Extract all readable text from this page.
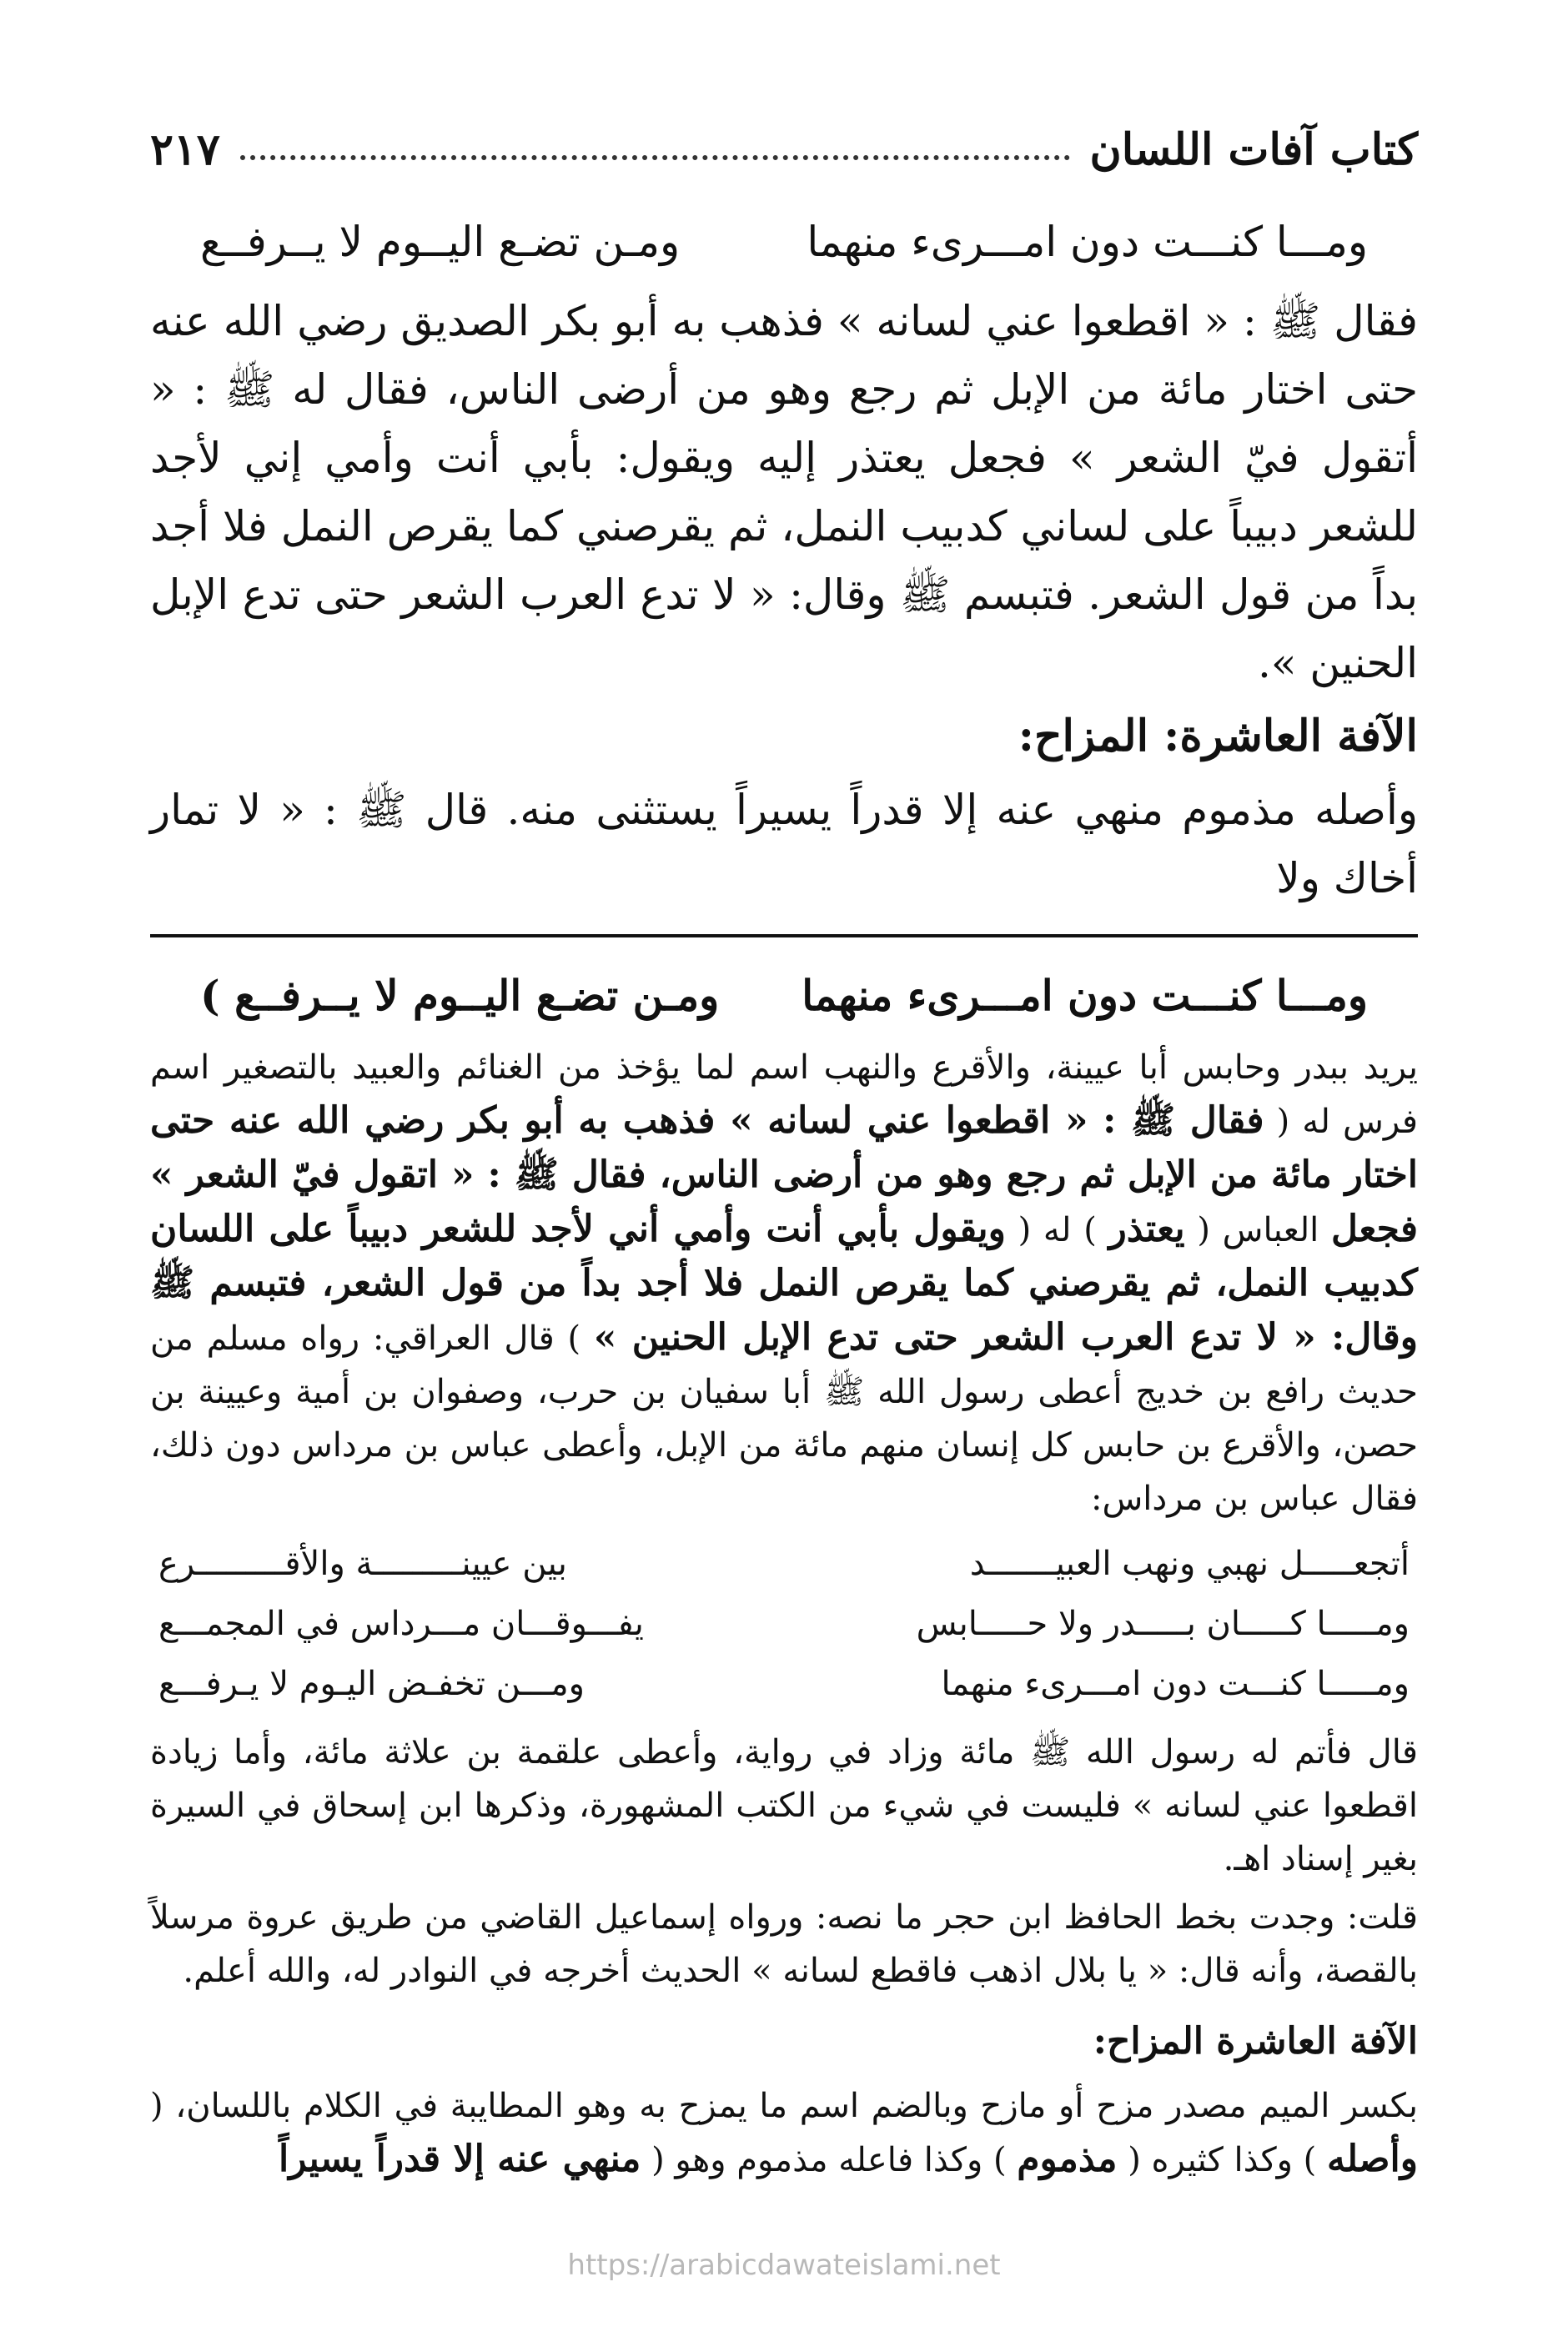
كتاب آفات اللسان
٢١٧
ومـــا كنـــت دون امـــرىء منهما
ومـن تضـع اليــوم لا يــرفــع

فقال ﷺ : « اقطعوا عني لسانه » فذهب به أبو بكر الصديق رضي الله عنه حتى اختار مائة من الإبل ثم رجع وهو من أرضى الناس، فقال له ﷺ : « أتقول فيّ الشعر » فجعل يعتذر إليه ويقول: بأبي أنت وأمي إني لأجد للشعر دبيباً على لساني كدبيب النمل، ثم يقرصني كما يقرص النمل فلا أجد بداً من قول الشعر. فتبسم ﷺ وقال: « لا تدع العرب الشعر حتى تدع الإبل الحنين ».

الآفة العاشرة: المزاح:

وأصله مذموم منهي عنه إلا قدراً يسيراً يستثنى منه. قال ﷺ : « لا تمار أخاك ولا

ومـــا كنـــت دون امـــرىء منهما
ومـن تضـع اليــوم لا يــرفــع )

يريد ببدر وحابس أبا عيينة، والأقرع والنهب اسم لما يؤخذ من الغنائم والعبيد بالتصغير اسم فرس له ( فقال ﷺ : « اقطعوا عني لسانه » فذهب به أبو بكر رضي الله عنه حتى اختار مائة من الإبل ثم رجع وهو من أرضى الناس، فقال ﷺ : « اتقول فيّ الشعر » فجعل العباس ( يعتذر ) له ( ويقول بأبي أنت وأمي أني لأجد للشعر دبيباً على اللسان كدبيب النمل، ثم يقرصني كما يقرص النمل فلا أجد بداً من قول الشعر، فتبسم ﷺ وقال: « لا تدع العرب الشعر حتى تدع الإبل الحنين » ) قال العراقي: رواه مسلم من حديث رافع بن خديج أعطى رسول الله ﷺ أبا سفيان بن حرب، وصفوان بن أمية وعيينة بن حصن، والأقرع بن حابس كل إنسان منهم مائة من الإبل، وأعطى عباس بن مرداس دون ذلك، فقال عباس بن مرداس:

أتجعـــــل نهبي ونهب العبيـــــــد
بين عيينـــــــــة والأقـــــــــرع
ومـــــا كـــــان بـــــدر ولا حـــــابس
يفـــوقـــان مـــرداس في المجمـــع
ومـــــا كنـــت دون امـــرىء منهما
ومـــن تخفـض اليـوم لا يـرفـــع

قال فأتم له رسول الله ﷺ مائة وزاد في رواية، وأعطى علقمة بن علاثة مائة، وأما زيادة اقطعوا عني لسانه » فليست في شيء من الكتب المشهورة، وذكرها ابن إسحاق في السيرة بغير إسناد اهـ.

قلت: وجدت بخط الحافظ ابن حجر ما نصه: ورواه إسماعيل القاضي من طريق عروة مرسلاً بالقصة، وأنه قال: « يا بلال اذهب فاقطع لسانه » الحديث أخرجه في النوادر له، والله أعلم.

الآفة العاشرة المزاح:

بكسر الميم مصدر مزح أو مازح وبالضم اسم ما يمزح به وهو المطايبة في الكلام باللسان، ( وأصله ) وكذا كثيره ( مذموم ) وكذا فاعله مذموم وهو ( منهي عنه إلا قدراً يسيراً

https://arabicdawateislami.net
